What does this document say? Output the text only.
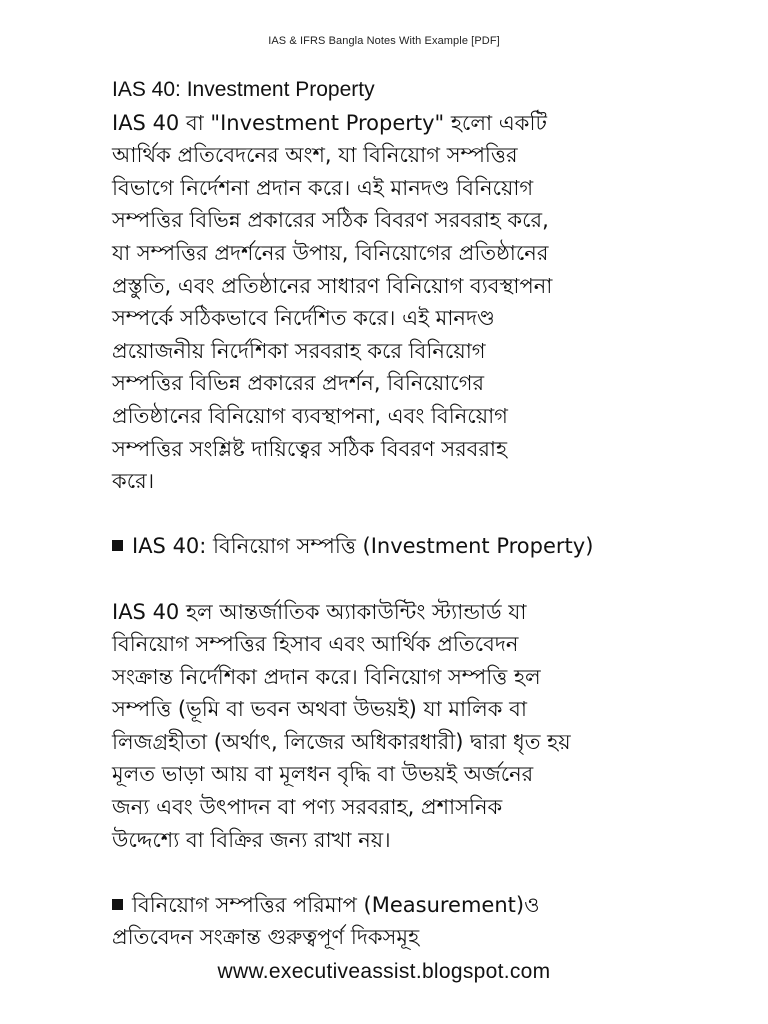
IAS & IFRS Bangla Notes With Example [PDF]
IAS 40: Investment Property
IAS 40 বা "Investment Property" হলো একটি
আর্থিক প্রতিবেদনের অংশ, যা বিনিয়োগ সম্পত্তির
বিভাগে নির্দেশনা প্রদান করে। এই মানদণ্ড বিনিয়োগ
সম্পত্তির বিভিন্ন প্রকারের সঠিক বিবরণ সরবরাহ করে,
যা সম্পত্তির প্রদর্শনের উপায়, বিনিয়োগের প্রতিষ্ঠানের
প্রস্তুতি, এবং প্রতিষ্ঠানের সাধারণ বিনিয়োগ ব্যবস্থাপনা
সম্পর্কে সঠিকভাবে নির্দেশিত করে। এই মানদণ্ড
প্রয়োজনীয় নির্দেশিকা সরবরাহ করে বিনিয়োগ
সম্পত্তির বিভিন্ন প্রকারের প্রদর্শন, বিনিয়োগের
প্রতিষ্ঠানের বিনিয়োগ ব্যবস্থাপনা, এবং বিনিয়োগ
সম্পত্তির সংশ্লিষ্ট দায়িত্বের সঠিক বিবরণ সরবরাহ
করে।
IAS 40: বিনিয়োগ সম্পত্তি (Investment Property)
IAS 40 হল আন্তর্জাতিক অ্যাকাউন্টিং স্ট্যান্ডার্ড যা
বিনিয়োগ সম্পত্তির হিসাব এবং আর্থিক প্রতিবেদন
সংক্রান্ত নির্দেশিকা প্রদান করে। বিনিয়োগ সম্পত্তি হল
সম্পত্তি (ভূমি বা ভবন অথবা উভয়ই) যা মালিক বা
লিজগ্রহীতা (অর্থাৎ, লিজের অধিকারধারী) দ্বারা ধৃত হয়
মূলত ভাড়া আয় বা মূলধন বৃদ্ধি বা উভয়ই অর্জনের
জন্য এবং উৎপাদন বা পণ্য সরবরাহ, প্রশাসনিক
উদ্দেশ্যে বা বিক্রির জন্য রাখা নয়।
বিনিয়োগ সম্পত্তির পরিমাপ (Measurement)ও
প্রতিবেদন সংক্রান্ত গুরুত্বপূর্ণ দিকসমূহ
www.executiveassist.blogspot.com
